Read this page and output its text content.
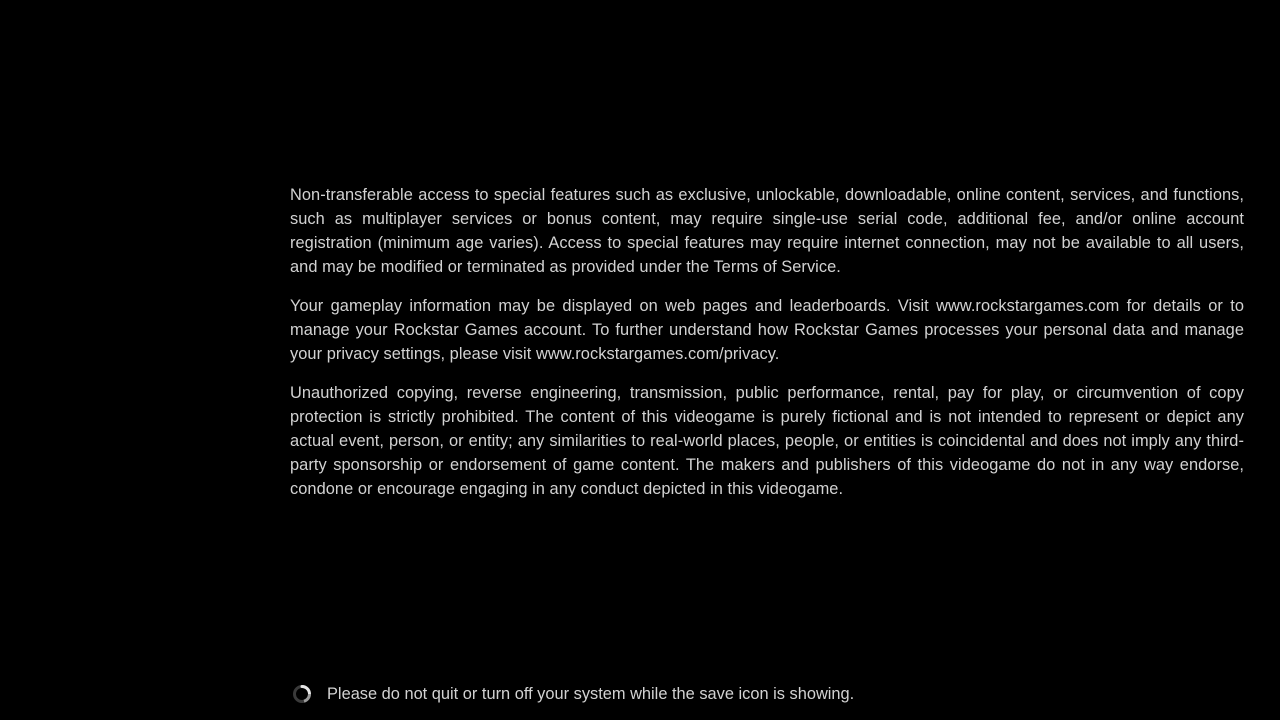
Non-transferable access to special features such as exclusive, unlockable, downloadable, online content, services, and functions, such as multiplayer services or bonus content, may require single-use serial code, additional fee, and/or online account registration (minimum age varies). Access to special features may require internet connection, may not be available to all users, and may be modified or terminated as provided under the Terms of Service.

Your gameplay information may be displayed on web pages and leaderboards. Visit www.rockstargames.com for details or to manage your Rockstar Games account. To further understand how Rockstar Games processes your personal data and manage your privacy settings, please visit www.rockstargames.com/privacy.

Unauthorized copying, reverse engineering, transmission, public performance, rental, pay for play, or circumvention of copy protection is strictly prohibited. The content of this videogame is purely fictional and is not intended to represent or depict any actual event, person, or entity; any similarities to real-world places, people, or entities is coincidental and does not imply any third-party sponsorship or endorsement of game content. The makers and publishers of this videogame do not in any way endorse, condone or encourage engaging in any conduct depicted in this videogame.

Please do not quit or turn off your system while the save icon is showing.
